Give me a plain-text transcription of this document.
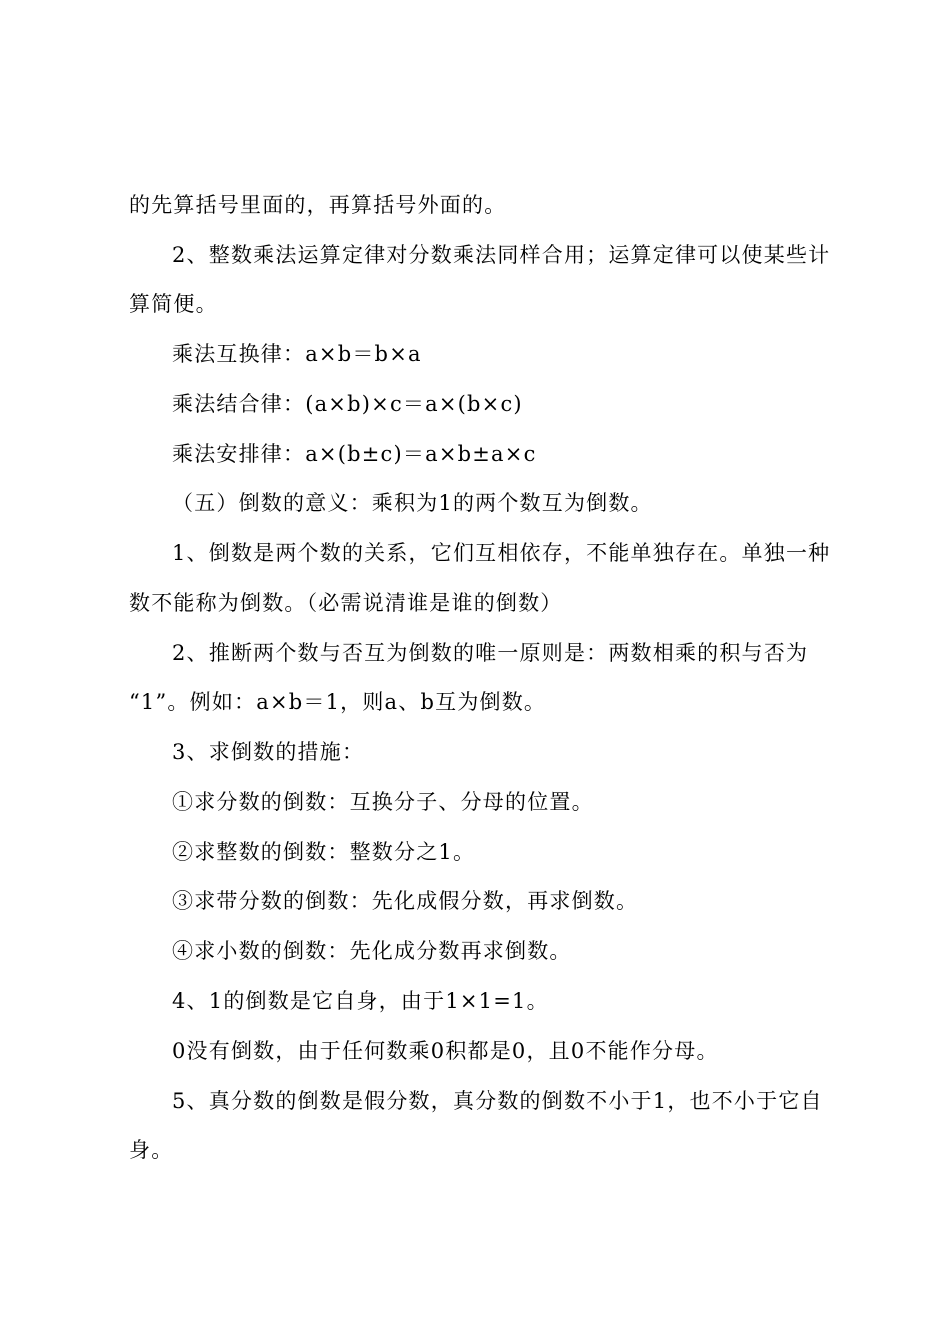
的先算括号里面的，再算括号外面的。
2、整数乘法运算定律对分数乘法同样合用；运算定律可以使某些计
算简便。
乘法互换律：a×b＝b×a
乘法结合律：(a×b)×c＝a×(b×c)
乘法安排律：a×(b±c)＝a×b±a×c
（五）倒数的意义：乘积为1的两个数互为倒数。
1、倒数是两个数的关系，它们互相依存，不能单独存在。单独一种
数不能称为倒数。（必需说清谁是谁的倒数）
2、推断两个数与否互为倒数的唯一原则是：两数相乘的积与否为
“1”。例如：a×b＝1，则a、b互为倒数。
3、求倒数的措施：
①求分数的倒数：互换分子、分母的位置。
②求整数的倒数：整数分之1。
③求带分数的倒数：先化成假分数，再求倒数。
④求小数的倒数：先化成分数再求倒数。
4、1的倒数是它自身，由于1×1=1。
0没有倒数，由于任何数乘0积都是0，且0不能作分母。
5、真分数的倒数是假分数，真分数的倒数不小于1，也不小于它自
身。
